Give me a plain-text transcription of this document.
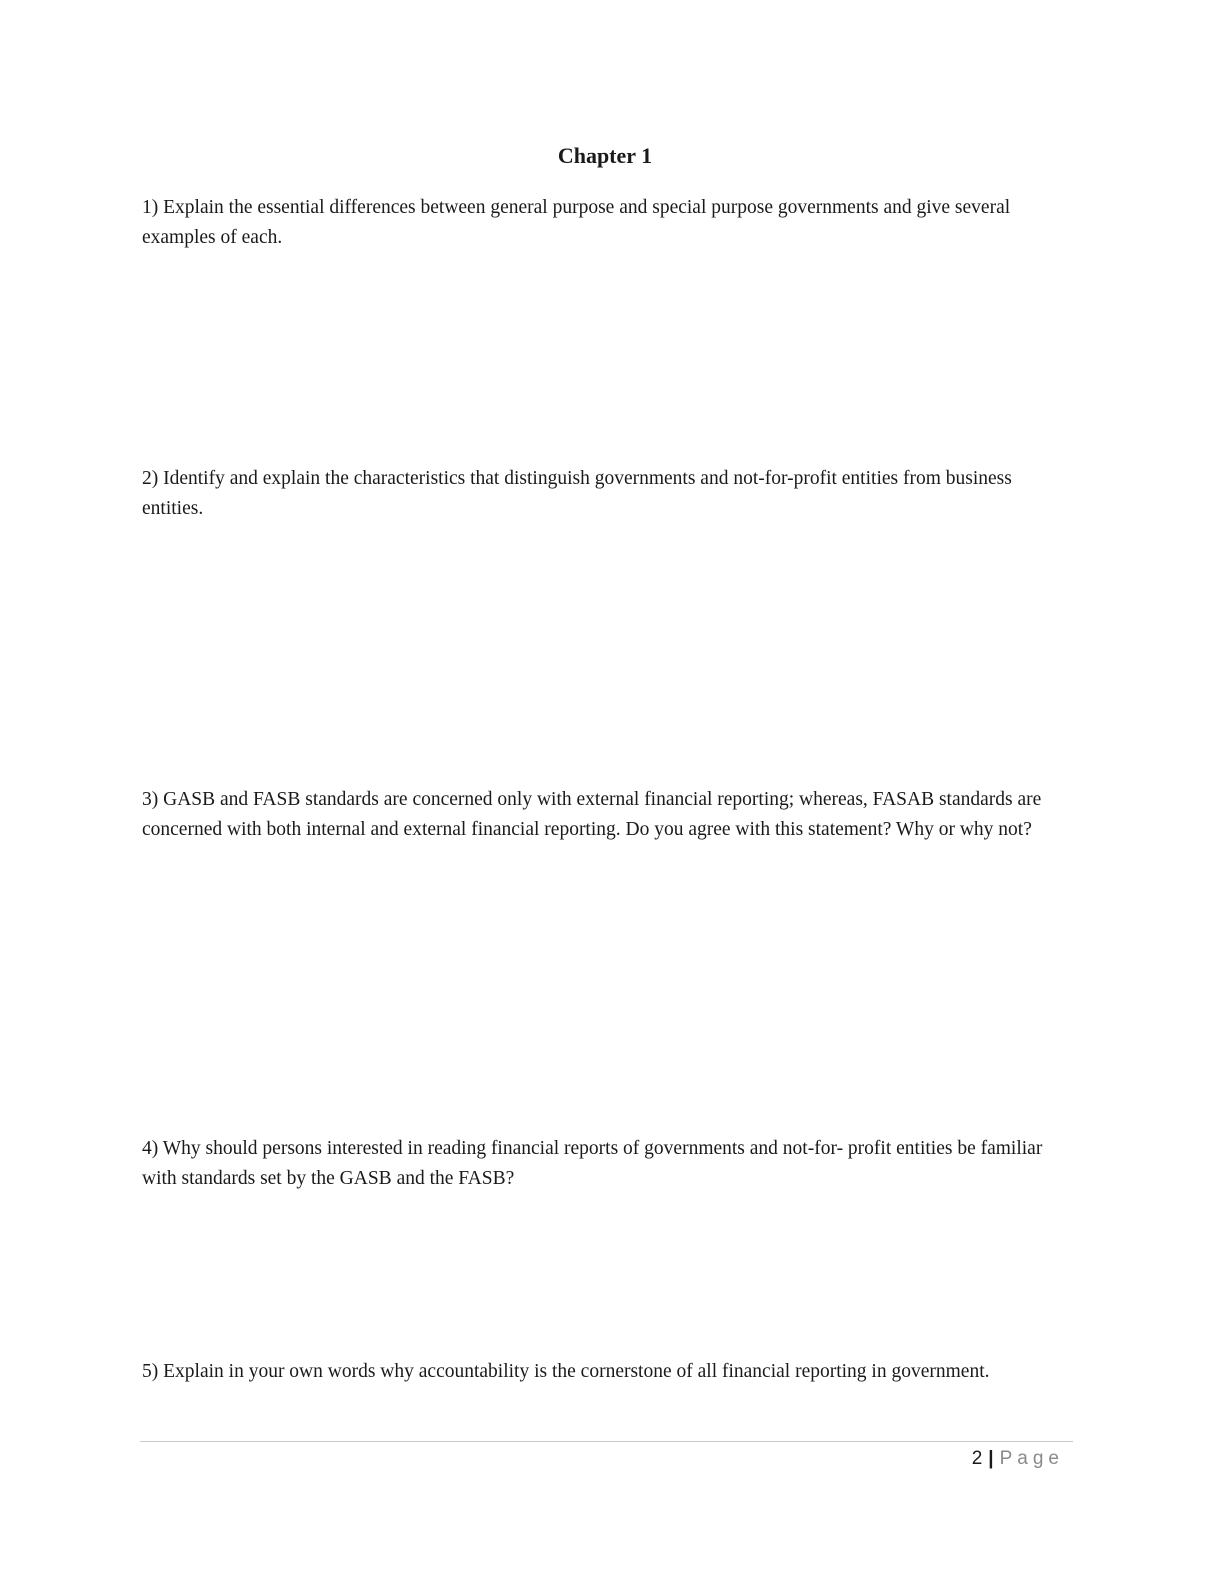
Chapter 1

1) Explain the essential differences between general purpose and special purpose governments and give several examples of each.

2) Identify and explain the characteristics that distinguish governments and not-for-profit entities from business entities.

3) GASB and FASB standards are concerned only with external financial reporting; whereas, FASAB standards are concerned with both internal and external financial reporting. Do you agree with this statement? Why or why not?

4) Why should persons interested in reading financial reports of governments and not-for- profit entities be familiar with standards set by the GASB and the FASB?

5) Explain in your own words why accountability is the cornerstone of all financial reporting in government.

2 | Page
